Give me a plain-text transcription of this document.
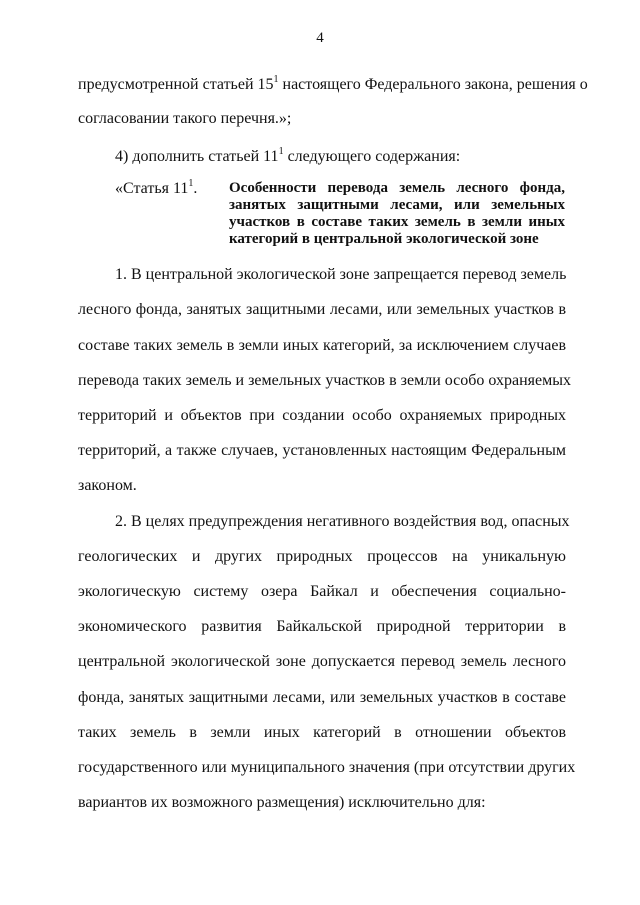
4
предусмотренной статьей $15^1$ настоящего Федерального закона, решения о
согласовании такого перечня.»;
4) дополнить статьей $11^1$ следующего содержания:
«Статья $11^1$. Особенности перевода земель лесного фонда,
занятых защитными лесами, или земельных
участков в составе таких земель в земли иных
категорий в центральной экологической зоне
1. В центральной экологической зоне запрещается перевод земель
лесного фонда, занятых защитными лесами, или земельных участков в
составе таких земель в земли иных категорий, за исключением случаев
перевода таких земель и земельных участков в земли особо охраняемых
территорий и объектов при создании особо охраняемых природных
территорий, а также случаев, установленных настоящим Федеральным
законом.
2. В целях предупреждения негативного воздействия вод, опасных
геологических и других природных процессов на уникальную
экологическую систему озера Байкал и обеспечения социально-
экономического развития Байкальской природной территории в
центральной экологической зоне допускается перевод земель лесного
фонда, занятых защитными лесами, или земельных участков в составе
таких земель в земли иных категорий в отношении объектов
государственного или муниципального значения (при отсутствии других
вариантов их возможного размещения) исключительно для:
